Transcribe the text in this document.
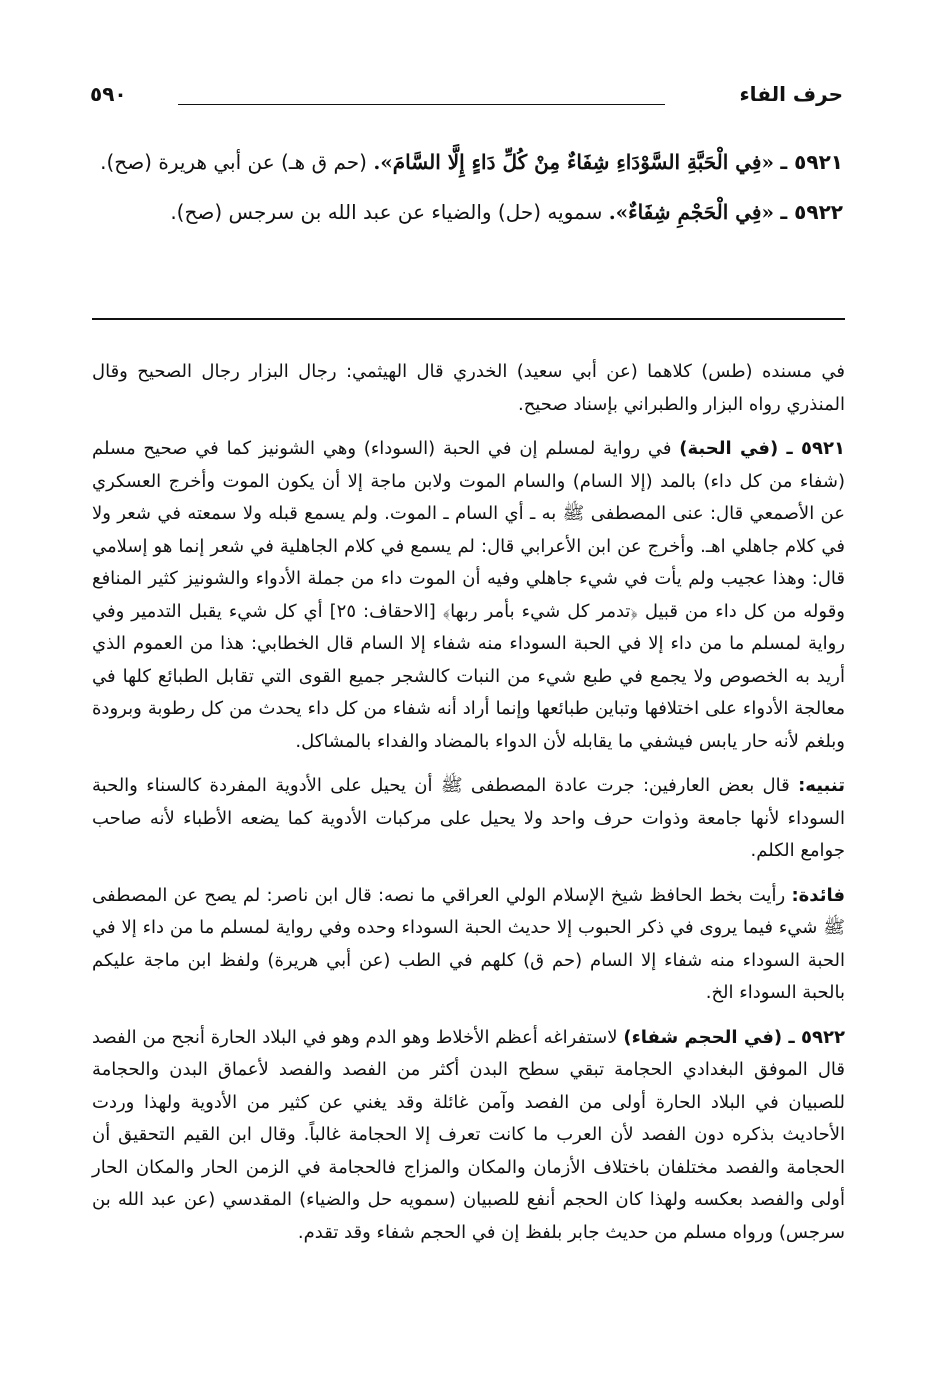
حرف الفاء
٥٩٠

٥٩٢١ ـ «فِي الْحَبَّةِ السَّوْدَاءِ شِفَاءٌ مِنْ كُلِّ دَاءٍ إِلَّا السَّامَ». (حم ق هـ) عن أبي هريرة (صح).

٥٩٢٢ ـ «فِي الْحَجْمِ شِفَاءٌ». سمويه (حل) والضياء عن عبد الله بن سرجس (صح).

في مسنده (طس) كلاهما (عن أبي سعيد) الخدري قال الهيثمي: رجال البزار رجال الصحيح وقال المنذري رواه البزار والطبراني بإسناد صحيح.

٥٩٢١ ـ (في الحبة) في رواية لمسلم إن في الحبة (السوداء) وهي الشونيز كما في صحيح مسلم (شفاء من كل داء) بالمد (إلا السام) والسام الموت ولابن ماجة إلا أن يكون الموت وأخرج العسكري عن الأصمعي قال: عنى المصطفى ﷺ به ـ أي السام ـ الموت. ولم يسمع قبله ولا سمعته في شعر ولا في كلام جاهلي اهـ. وأخرج عن ابن الأعرابي قال: لم يسمع في كلام الجاهلية في شعر إنما هو إسلامي قال: وهذا عجيب ولم يأت في شيء جاهلي وفيه أن الموت داء من جملة الأدواء والشونيز كثير المنافع وقوله من كل داء من قبيل ﴿تدمر كل شيء بأمر ربها﴾ [الاحقاف: ٢٥] أي كل شيء يقبل التدمير وفي رواية لمسلم ما من داء إلا في الحبة السوداء منه شفاء إلا السام قال الخطابي: هذا من العموم الذي أريد به الخصوص ولا يجمع في طبع شيء من النبات كالشجر جميع القوى التي تقابل الطبائع كلها في معالجة الأدواء على اختلافها وتباين طبائعها وإنما أراد أنه شفاء من كل داء يحدث من كل رطوبة وبرودة وبلغم لأنه حار يابس فيشفي ما يقابله لأن الدواء بالمضاد والفداء بالمشاكل.

تنبيه: قال بعض العارفين: جرت عادة المصطفى ﷺ أن يحيل على الأدوية المفردة كالسناء والحبة السوداء لأنها جامعة وذوات حرف واحد ولا يحيل على مركبات الأدوية كما يضعه الأطباء لأنه صاحب جوامع الكلم.

فائدة: رأيت بخط الحافظ شيخ الإسلام الولي العراقي ما نصه: قال ابن ناصر: لم يصح عن المصطفى ﷺ شيء فيما يروى في ذكر الحبوب إلا حديث الحبة السوداء وحده وفي رواية لمسلم ما من داء إلا في الحبة السوداء منه شفاء إلا السام (حم ق) كلهم في الطب (عن أبي هريرة) ولفظ ابن ماجة عليكم بالحبة السوداء الخ.

٥٩٢٢ ـ (في الحجم شفاء) لاستفراغه أعظم الأخلاط وهو الدم وهو في البلاد الحارة أنجح من الفصد قال الموفق البغدادي الحجامة تبقي سطح البدن أكثر من الفصد والفصد لأعماق البدن والحجامة للصبيان في البلاد الحارة أولى من الفصد وآمن غائلة وقد يغني عن كثير من الأدوية ولهذا وردت الأحاديث بذكره دون الفصد لأن العرب ما كانت تعرف إلا الحجامة غالباً. وقال ابن القيم التحقيق أن الحجامة والفصد مختلفان باختلاف الأزمان والمكان والمزاج فالحجامة في الزمن الحار والمكان الحار أولى والفصد بعكسه ولهذا كان الحجم أنفع للصبيان (سمويه حل والضياء) المقدسي (عن عبد الله بن سرجس) ورواه مسلم من حديث جابر بلفظ إن في الحجم شفاء وقد تقدم.
